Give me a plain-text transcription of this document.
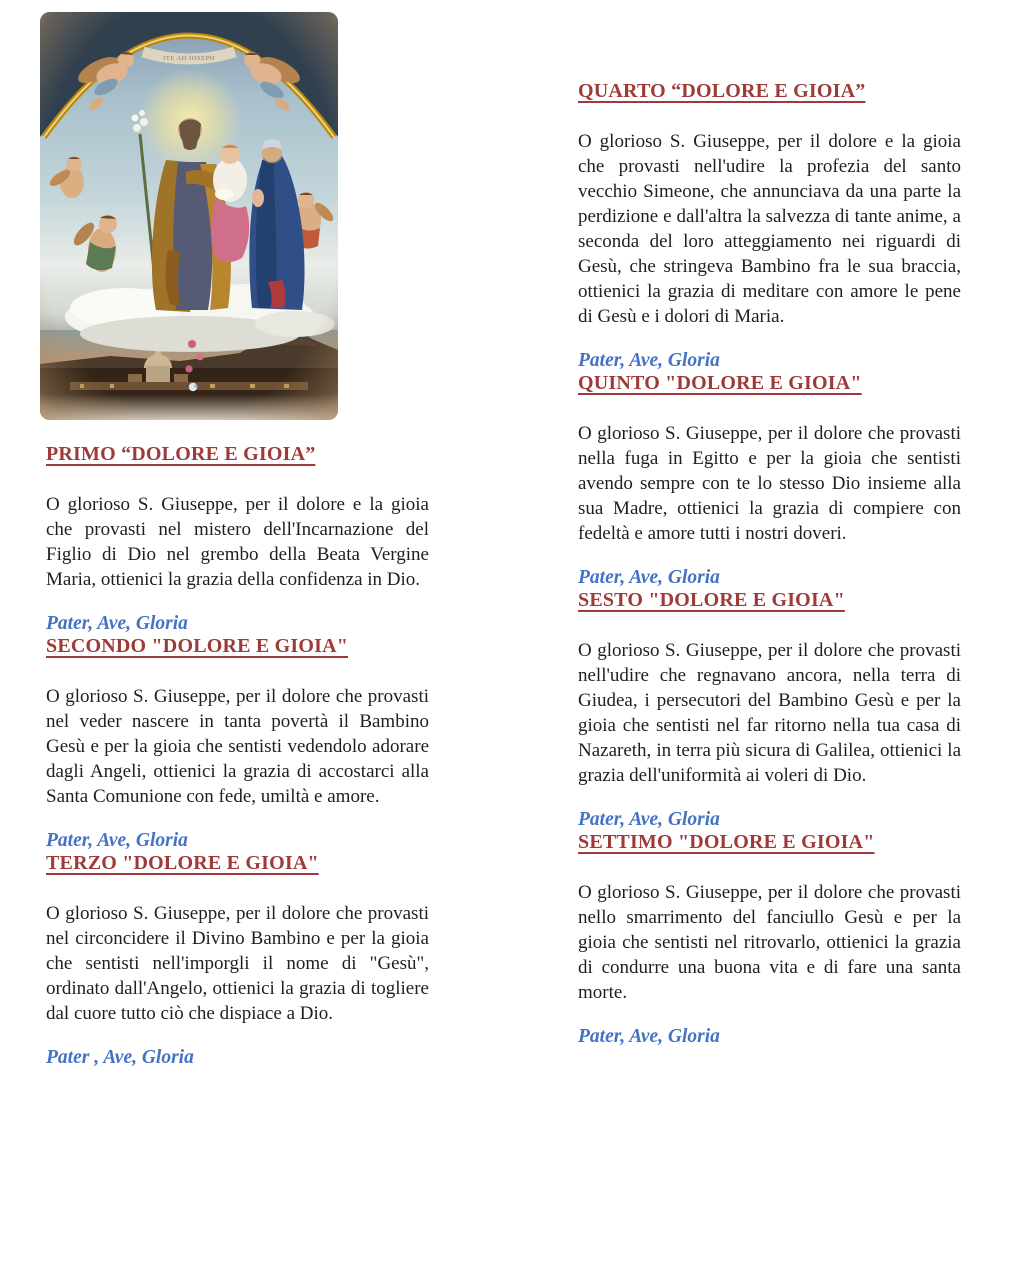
PRIMO “DOLORE E GIOIA”

O glorioso S. Giuseppe, per il dolore e la gioia che provasti nel mistero dell'Incarnazione del Figlio di Dio nel grembo della Beata Vergine Maria, ottienici la grazia della confidenza in Dio.

Pater, Ave, Gloria

SECONDO "DOLORE E GIOIA"

O glorioso S. Giuseppe, per il dolore che provasti nel veder nascere in tanta povertà il Bambino Gesù e per la gioia che sentisti vedendolo adorare dagli Angeli, ottienici la grazia di accostarci alla Santa Comunione con fede, umiltà e amore.

Pater, Ave, Gloria

TERZO "DOLORE E GIOIA"

O glorioso S. Giuseppe, per il dolore che provasti nel circoncidere il Divino Bambino e per la gioia che sentisti nell'imporgli il nome di "Gesù", ordinato dall'Angelo, ottienici la grazia di togliere dal cuore tutto ciò che dispiace a Dio.

Pater , Ave, Gloria

QUARTO “DOLORE E GIOIA”

O glorioso S. Giuseppe, per il dolore e la gioia che provasti nell'udire la profezia del santo vecchio Simeone, che annunciava da una parte la perdizione e dall'altra la salvezza di tante anime, a seconda del loro atteggiamento nei riguardi di Gesù, che stringeva Bambino fra le sua braccia, ottienici la grazia di meditare con amore le pene di Gesù e i dolori di Maria.

Pater, Ave, Gloria

QUINTO "DOLORE E GIOIA"

O glorioso S. Giuseppe, per il dolore che provasti nella fuga in Egitto e per la gioia che sentisti avendo sempre con te lo stesso Dio insieme alla sua Madre, ottienici la grazia di compiere con fedeltà e amore tutti i nostri doveri.

Pater, Ave, Gloria

SESTO "DOLORE E GIOIA"

O glorioso S. Giuseppe, per il dolore che provasti nell'udire che regnavano ancora, nella terra di Giudea, i persecutori del Bambino Gesù e per la gioia che sentisti nel far ritorno nella tua casa di Nazareth, in terra più sicura di Galilea, ottienici la grazia dell'uniformità ai voleri di Dio.

Pater, Ave, Gloria

SETTIMO "DOLORE E GIOIA"

O glorioso S. Giuseppe, per il dolore che provasti nello smarrimento del fanciullo Gesù e per la gioia che sentisti nel ritrovarlo, ottienici la grazia di condurre una buona vita e di fare una santa morte.

Pater, Ave, Gloria
